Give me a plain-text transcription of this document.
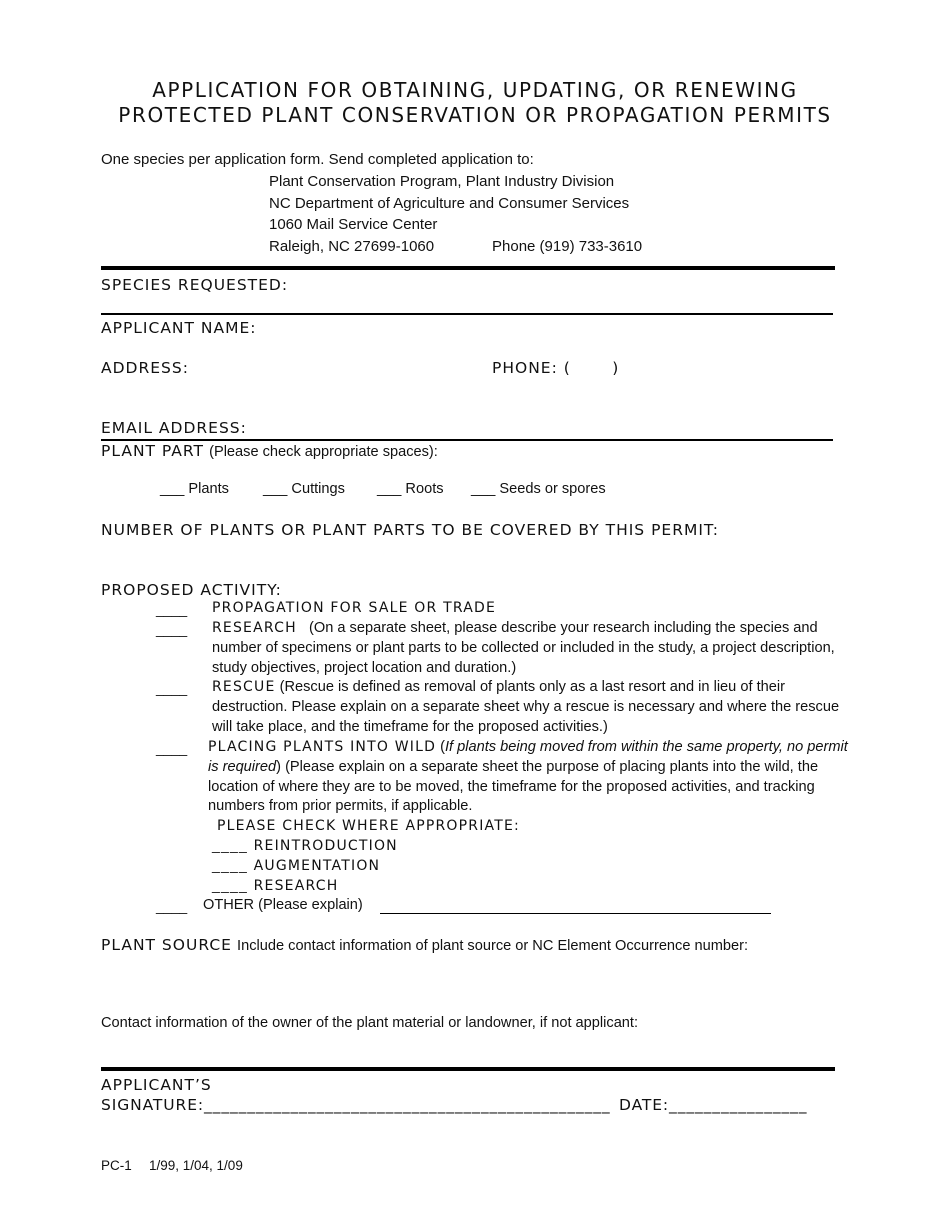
APPLICATION FOR OBTAINING, UPDATING, OR RENEWING
PROTECTED PLANT CONSERVATION OR PROPAGATION PERMITS
One species per application form. Send completed application to:
Plant Conservation Program, Plant Industry Division
NC Department of Agriculture and Consumer Services
1060 Mail Service Center
Raleigh, NC 27699-1060	Phone (919) 733-3610
SPECIES REQUESTED:
APPLICANT NAME:
ADDRESS:	PHONE: (       )
EMAIL ADDRESS:
PLANT PART (Please check appropriate spaces):
___ Plants ___ Cuttings ___ Roots ___ Seeds or spores
NUMBER OF PLANTS OR PLANT PARTS TO BE COVERED BY THIS PERMIT:
PROPOSED ACTIVITY:
____ PROPAGATION FOR SALE OR TRADE
____ RESEARCH (On a separate sheet, please describe your research including the species and number of specimens or plant parts to be collected or included in the study, a project description, study objectives, project location and duration.)
____ RESCUE (Rescue is defined as removal of plants only as a last resort and in lieu of their destruction. Please explain on a separate sheet why a rescue is necessary and where the rescue will take place, and the timeframe for the proposed activities.)
____ PLACING PLANTS INTO WILD (If plants being moved from within the same property, no permit is required) (Please explain on a separate sheet the purpose of placing plants into the wild, the location of where they are to be moved, the timeframe for the proposed activities, and tracking numbers from prior permits, if applicable.
PLEASE CHECK WHERE APPROPRIATE:
____ REINTRODUCTION
____ AUGMENTATION
____ RESEARCH
____ OTHER (Please explain)
PLANT SOURCE Include contact information of plant source or NC Element Occurrence number:
Contact information of the owner of the plant material or landowner, if not applicant:
APPLICANT’S
SIGNATURE:_______________________________________________ DATE:________________
PC-1 1/99, 1/04, 1/09
